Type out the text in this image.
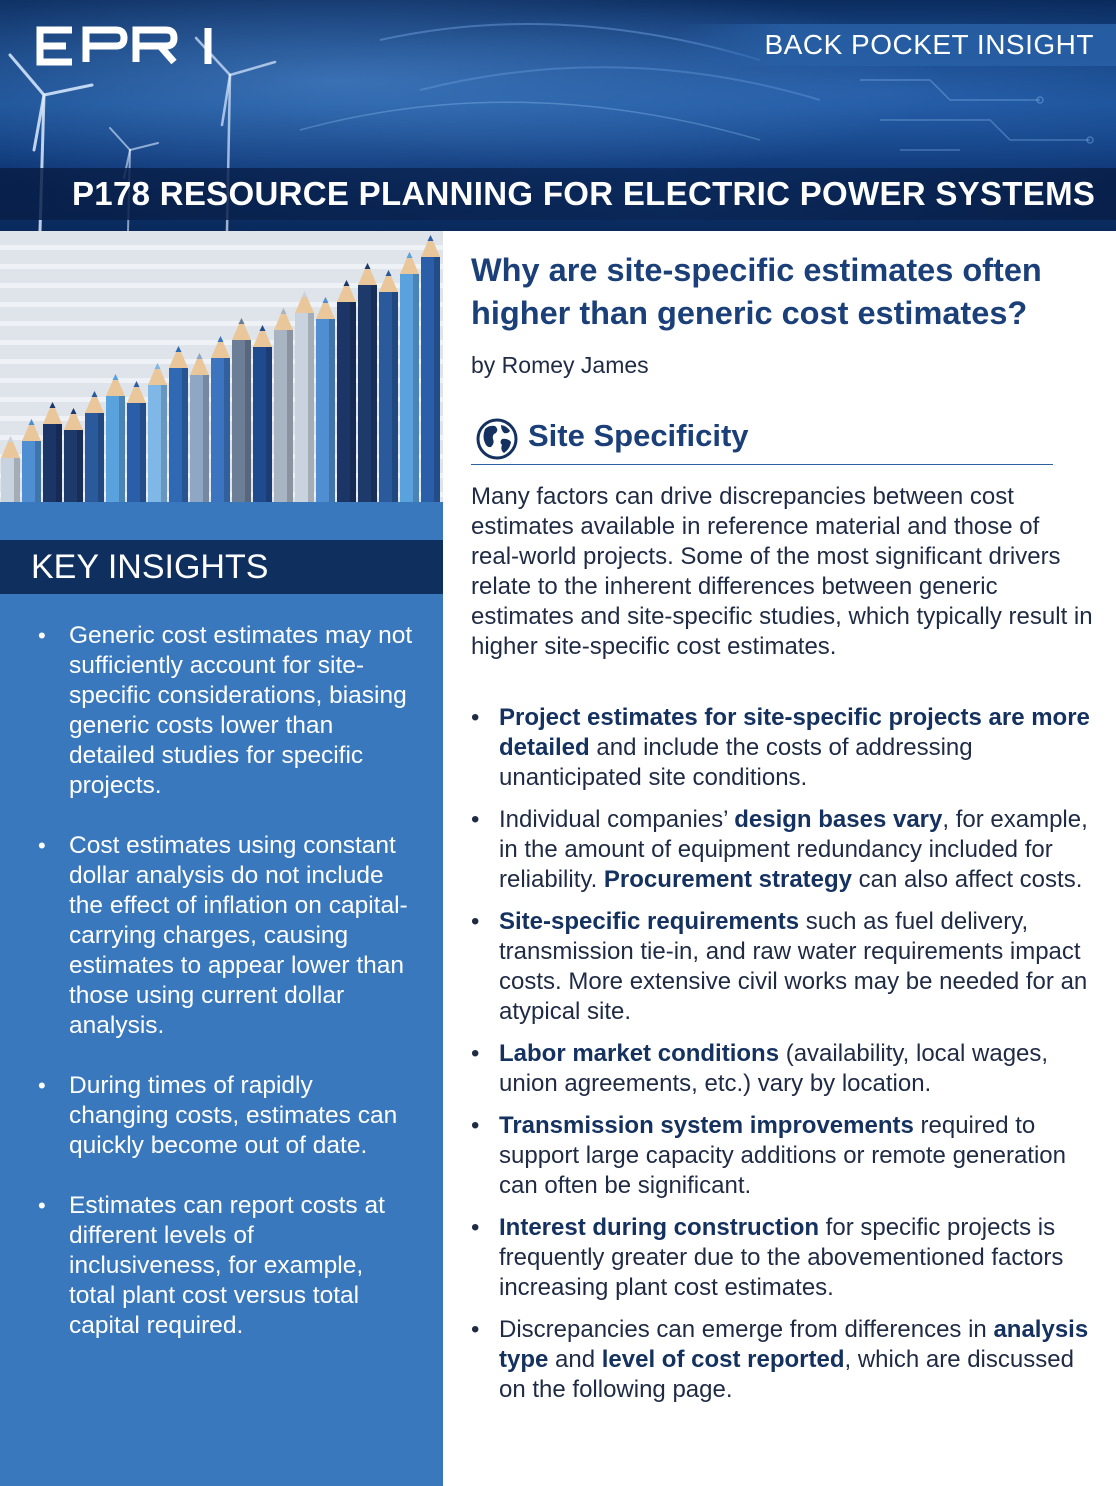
BACK POCKET INSIGHT
P178 RESOURCE PLANNING FOR ELECTRIC POWER SYSTEMS
KEY INSIGHTS
• Generic cost estimates may not sufficiently account for site-specific considerations, biasing generic costs lower than detailed studies for specific projects.
• Cost estimates using constant dollar analysis do not include the effect of inflation on capital-carrying charges, causing estimates to appear lower than those using current dollar analysis.
• During times of rapidly changing costs, estimates can quickly become out of date.
• Estimates can report costs at different levels of inclusiveness, for example, total plant cost versus total capital required.
Why are site-specific estimates often higher than generic cost estimates?
by Romey James
Site Specificity

Many factors can drive discrepancies between cost estimates available in reference material and those of real-world projects. Some of the most significant drivers relate to the inherent differences between generic estimates and site-specific studies, which typically result in higher site-specific cost estimates.

• Project estimates for site-specific projects are more detailed and include the costs of addressing unanticipated site conditions.
• Individual companies’ design bases vary, for example, in the amount of equipment redundancy included for reliability. Procurement strategy can also affect costs.
• Site-specific requirements such as fuel delivery, transmission tie-in, and raw water requirements impact costs. More extensive civil works may be needed for an atypical site.
• Labor market conditions (availability, local wages, union agreements, etc.) vary by location.
• Transmission system improvements required to support large capacity additions or remote generation can often be significant.
• Interest during construction for specific projects is frequently greater due to the abovementioned factors increasing plant cost estimates.
• Discrepancies can emerge from differences in analysis type and level of cost reported, which are discussed on the following page.
